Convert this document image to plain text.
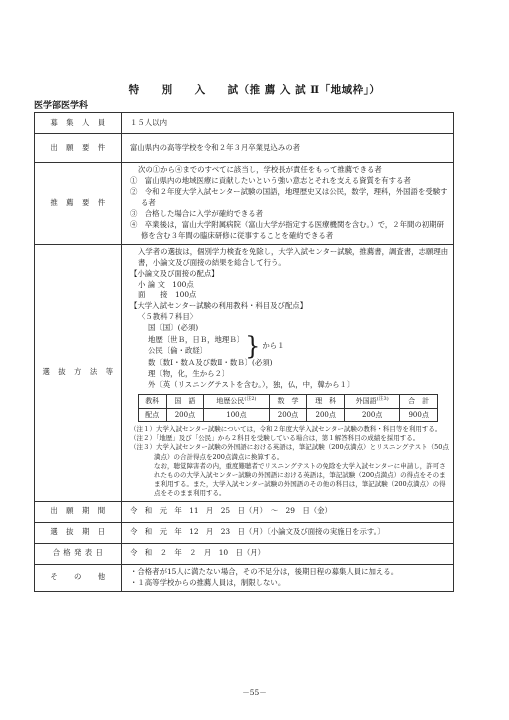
特　　別　　入　　試（推 薦 入 試 Ⅱ「地域枠」）
医学部医学科
募　集　人　員	１５人以内
出　願　要　件	富山県内の高等学校を令和２年３月卒業見込みの者
推　薦　要　件	
次の①から④までのすべてに該当し，学校長が責任をもって推薦できる者
①　富山県内の地域医療に貢献したいという強い意志とそれを支える資質を有する者
②　令和２年度大学入試センター試験の国語，地理歴史又は公民，数学，理科，外国語を受験する者
③　合格した場合に入学が確約できる者
④　卒業後は，富山大学附属病院（富山大学が指定する医療機関を含む。）で，２年間の初期研修を含む３年間の臨床研修に従事することを確約できる者

選　抜　方　法　等	
入学者の選抜は，個別学力検査を免除し，大学入試センター試験，推薦書，調査書，志願理由書，小論文及び面接の結果を総合して行う。
【小論文及び面接の配点】
小 論 文　100点
面　　接　100点
【大学入試センター試験の利用教科・科目及び配点】
〈５教科７科目〉
国〔国〕(必須)
地歴〔世Ｂ，日Ｂ，地理Ｂ〕
公民〔倫・政経〕	} から１
数〔数Ⅰ・数Ａ及び数Ⅱ・数Ｂ〕(必須)
理〔物，化，生から２〕
外〔英（リスニングテストを含む。），独，仏，中，韓から１〕
教科	国　語	地歴公民$^{(注2)}$	数　学	理　科	外国語$^{(注3)}$	合　計
配点	200点	100点	200点	200点	200点	900点
（注１）大学入試センター試験については，令和２年度大学入試センター試験の教科・科目等を利用する。
（注２）「地歴」及び「公民」から２科目を受験している場合は，第１解答科目の成績を採用する。
（注３）大学入試センター試験の外国語における英語は，筆記試験（200点満点）とリスニングテスト（50点満点）の合計得点を200点満点に換算する。
なお，聴覚障害者の内，重度難聴者でリスニングテストの免除を大学入試センターに申請し，許可されたものの大学入試センター試験の外国語における英語は，筆記試験（200点満点）の得点をそのまま利用する。また，大学入試センター試験の外国語のその他の科目は，筆記試験（200点満点）の得点をそのまま利用する。

出　願　期　間	令　和　元　年　11　月　25　日（月）　～　29　日（金）
選　抜　期　日	令　和　元　年　12　月　23　日（月）〔小論文及び面接の実施日を示す。〕
合 格 発 表 日	令　和　２　年　２　月　10　日（月）
そ　　の　　他	
・合格者が15人に満たない場合，その不足分は，後期日程の募集人員に加える。
・１高等学校からの推薦人員は，制限しない。
－55－
